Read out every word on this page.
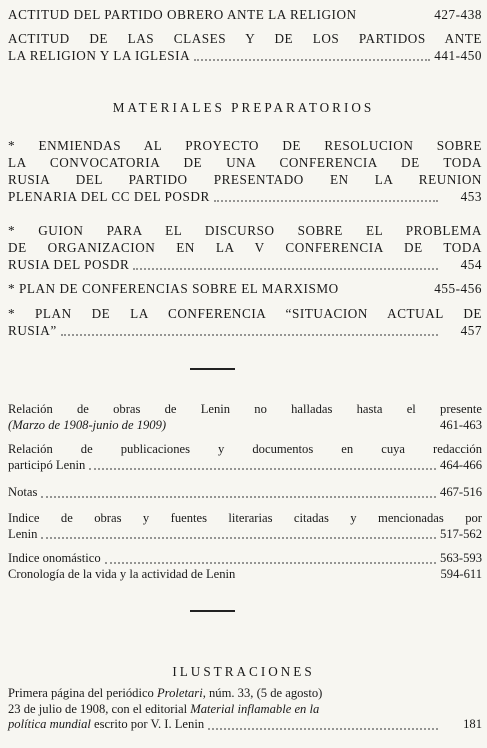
ACTITUD DEL PARTIDO OBRERO ANTE LA RELIGION	427-438
ACTITUD DE LAS CLASES Y DE LOS PARTIDOS ANTE
LA RELIGION Y LA IGLESIA	441-450
MATERIALES PREPARATORIOS
* ENMIENDAS AL PROYECTO DE RESOLUCION SOBRE
LA CONVOCATORIA DE UNA CONFERENCIA DE TODA
RUSIA DEL PARTIDO PRESENTADO EN LA REUNION
PLENARIA DEL CC DEL POSDR	453
* GUION PARA EL DISCURSO SOBRE EL PROBLEMA
DE ORGANIZACION EN LA V CONFERENCIA DE TODA
RUSIA DEL POSDR	454
* PLAN DE CONFERENCIAS SOBRE EL MARXISMO	455-456
* PLAN DE LA CONFERENCIA “SITUACION ACTUAL DE
RUSIA”	457
Relación de obras de Lenin no halladas hasta el presente
(Marzo de 1908-junio de 1909)	461-463
Relación de publicaciones y documentos en cuya redacción
participó Lenin	464-466
Notas	467-516
Indice de obras y fuentes literarias citadas y mencionadas por
Lenin	517-562
Indice onomástico	563-593
Cronología de la vida y la actividad de Lenin	594-611
ILUSTRACIONES
Primera página del periódico Proletari, núm. 33, (5 de agosto)
23 de julio de 1908, con el editorial Material inflamable en la
política mundial escrito por V. I. Lenin	181
